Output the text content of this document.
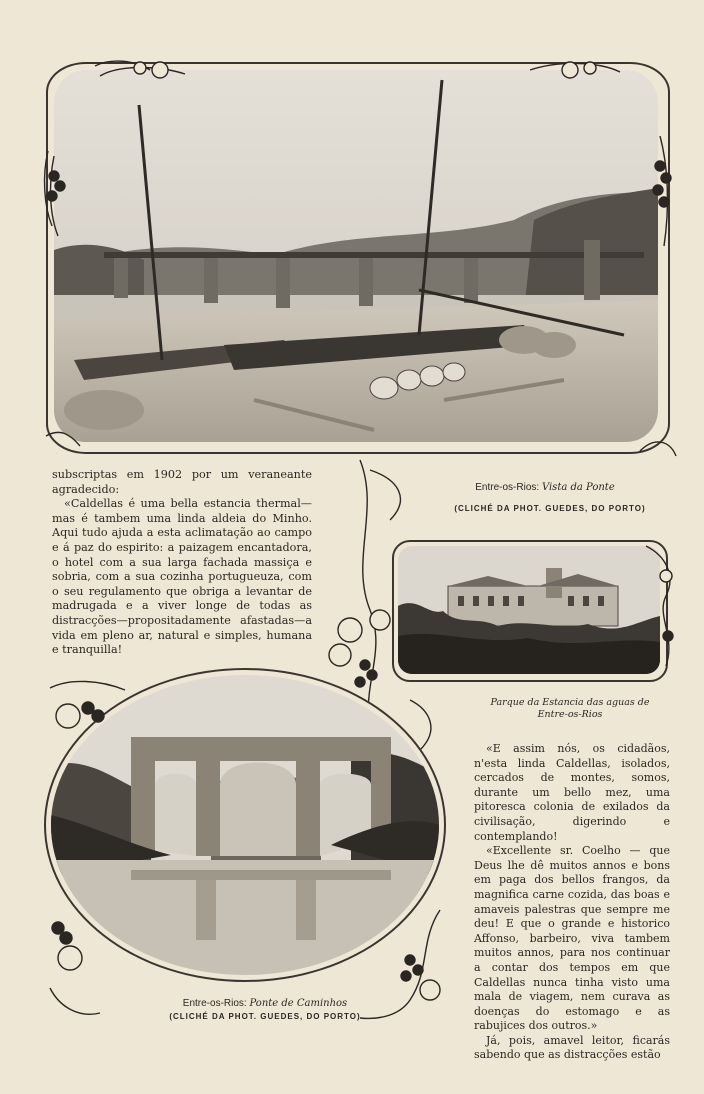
Entre-os-Rios: Vista da Ponte
(CLICHÉ DA PHOT. GUEDES, DO PORTO)

subscriptas em 1902 por um veraneante agradecido:

«Caldellas é uma bella estancia thermal— mas é tambem uma linda aldeia do Minho. Aqui tudo ajuda a esta aclimatação ao campo e á paz do espirito: a paizagem encantadora, o hotel com a sua larga fachada massiça e sobria, com a sua cozinha portugueuza, com o seu regulamento que obriga a levantar de madrugada e a viver longe de todas as distracções—propositadamente afastadas—a vida em pleno ar, natural e simples, humana e tranquilla!

Parque da Estancia das aguas de Entre-os-Rios
Entre-os-Rios: Ponte de Caminhos
(CLICHÉ DA PHOT. GUEDES, DO PORTO)

«E assim nós, os cidadãos, n'esta linda Caldellas, isolados, cercados de montes, somos, durante um bello mez, uma pitoresca colonia de exilados da civilisação, digerindo e contemplando!

«Excellente sr. Coelho — que Deus lhe dê muitos annos e bons em paga dos bellos frangos, da magnifica carne cozida, das boas e amaveis palestras que sempre me deu! E que o grande e historico Affonso, barbeiro, viva tambem muitos annos, para nos continuar a contar dos tempos em que Caldellas nunca tinha visto uma mala de viagem, nem curava as doenças do estomago e as rabujices dos outros.»

Já, pois, amavel leitor, ficarás sabendo que as distracções estão
